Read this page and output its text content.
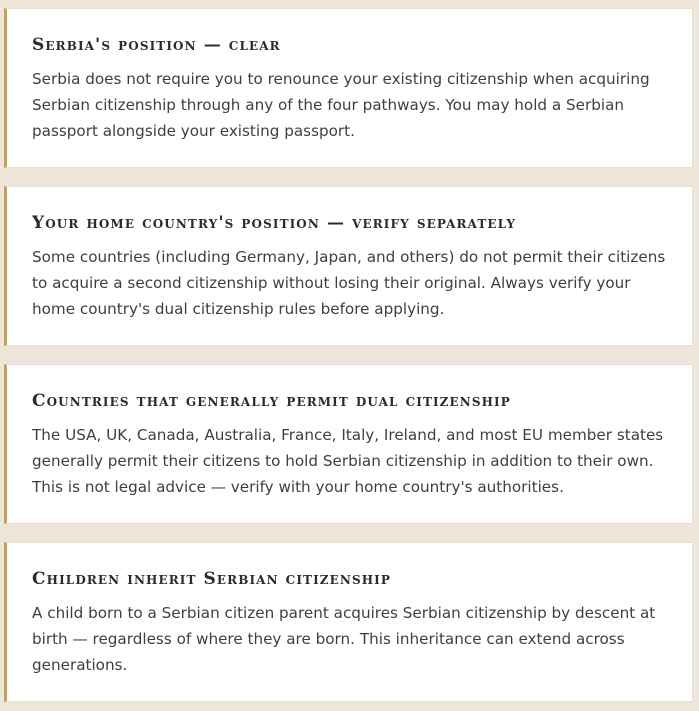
Serbia's position — clear

Serbia does not require you to renounce your existing citizenship when acquiring Serbian citizenship through any of the four pathways. You may hold a Serbian passport alongside your existing passport.

Your home country's position — verify separately

Some countries (including Germany, Japan, and others) do not permit their citizens to acquire a second citizenship without losing their original. Always verify your home country's dual citizenship rules before applying.

Countries that generally permit dual citizenship

The USA, UK, Canada, Australia, France, Italy, Ireland, and most EU member states generally permit their citizens to hold Serbian citizenship in addition to their own. This is not legal advice — verify with your home country's authorities.

Children inherit Serbian citizenship

A child born to a Serbian citizen parent acquires Serbian citizenship by descent at birth — regardless of where they are born. This inheritance can extend across generations.
